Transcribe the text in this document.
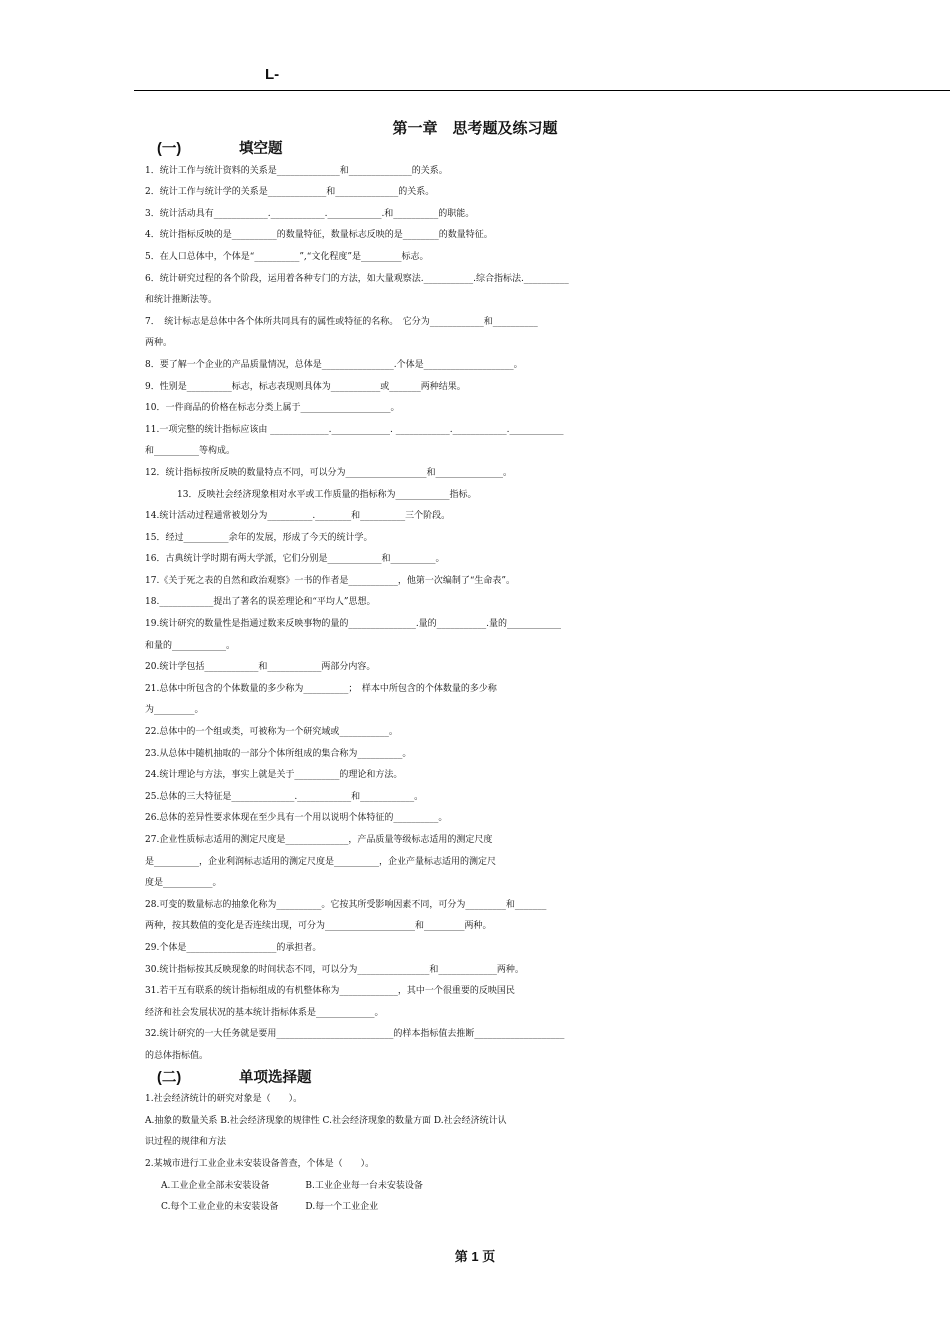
L-
第一章　思考题及练习题
(一)	填空题
1．统计工作与统计资料的关系是______________和______________的关系。
2．统计工作与统计学的关系是_____________和______________的关系。
3．统计活动具有____________.____________.____________.和__________的职能。
4．统计指标反映的是__________的数量特征，数量标志反映的是________的数量特征。
5．在人口总体中，个体是“__________”,“文化程度”是_________标志。
6．统计研究过程的各个阶段，运用着各种专门的方法，如大量观察法.___________.综合指标法.__________
和统计推断法等。
7．　统计标志是总体中各个体所共同具有的属性或特征的名称。　它分为____________和__________
两种。
8．要了解一个企业的产品质量情况，总体是________________.个体是____________________。
9．性别是__________标志，标志表现则具体为___________或_______两种结果。
10．一件商品的价格在标志分类上属于____________________。
11.一项完整的统计指标应该由 _____________._____________. ____________.____________.____________
和__________等构成。
12．统计指标按所反映的数量特点不同，可以分为__________________和_______________。
13．反映社会经济现象相对水平或工作质量的指标称为____________指标。
14.统计活动过程通常被划分为__________.________和__________三个阶段。
15．经过__________余年的发展，形成了今天的统计学。
16．古典统计学时期有两大学派，它们分别是____________和__________。
17.《关于死之表的自然和政治观察》一书的作者是___________，他第一次编制了“生命表”。
18.____________提出了著名的误差理论和“平均人”思想。
19.统计研究的数量性是指通过数来反映事物的量的_______________.量的___________.量的____________
和量的____________。
20.统计学包括____________和____________两部分内容。
21.总体中所包含的个体数量的多少称为__________；　样本中所包含的个体数量的多少称
为_________。
22.总体中的一个组或类，可被称为一个研究域或___________。
23.从总体中随机抽取的一部分个体所组成的集合称为__________。
24.统计理论与方法，事实上就是关于__________的理论和方法。
25.总体的三大特征是______________.____________和____________。
26.总体的差异性要求体现在至少具有一个用以说明个体特征的__________。
27.企业性质标志适用的测定尺度是______________，产品质量等级标志适用的测定尺度
是__________，企业利润标志适用的测定尺度是__________，企业产量标志适用的测定尺
度是___________。
28.可变的数量标志的抽象化称为__________。它按其所受影响因素不同，可分为_________和_______
两种，按其数值的变化是否连续出现，可分为____________________和_________两种。
29.个体是____________________的承担者。
30.统计指标按其反映现象的时间状态不同，可以分为________________和_____________两种。
31.若干互有联系的统计指标组成的有机整体称为_____________，其中一个很重要的反映国民
经济和社会发展状况的基本统计指标体系是_____________。
32.统计研究的一大任务就是要用__________________________的样本指标值去推断____________________
的总体指标值。
(二)	单项选择题
1.社会经济统计的研究对象是（　　）。
A.抽象的数量关系 B.社会经济现象的规律性 C.社会经济现象的数量方面 D.社会经济统计认
识过程的规律和方法
2.某城市进行工业企业未安装设备普查，个体是（　　）。
A.工业企业全部未安装设备　　　　B.工业企业每一台未安装设备
C.每个工业企业的未安装设备　　　D.每一个工业企业
第 1 页
